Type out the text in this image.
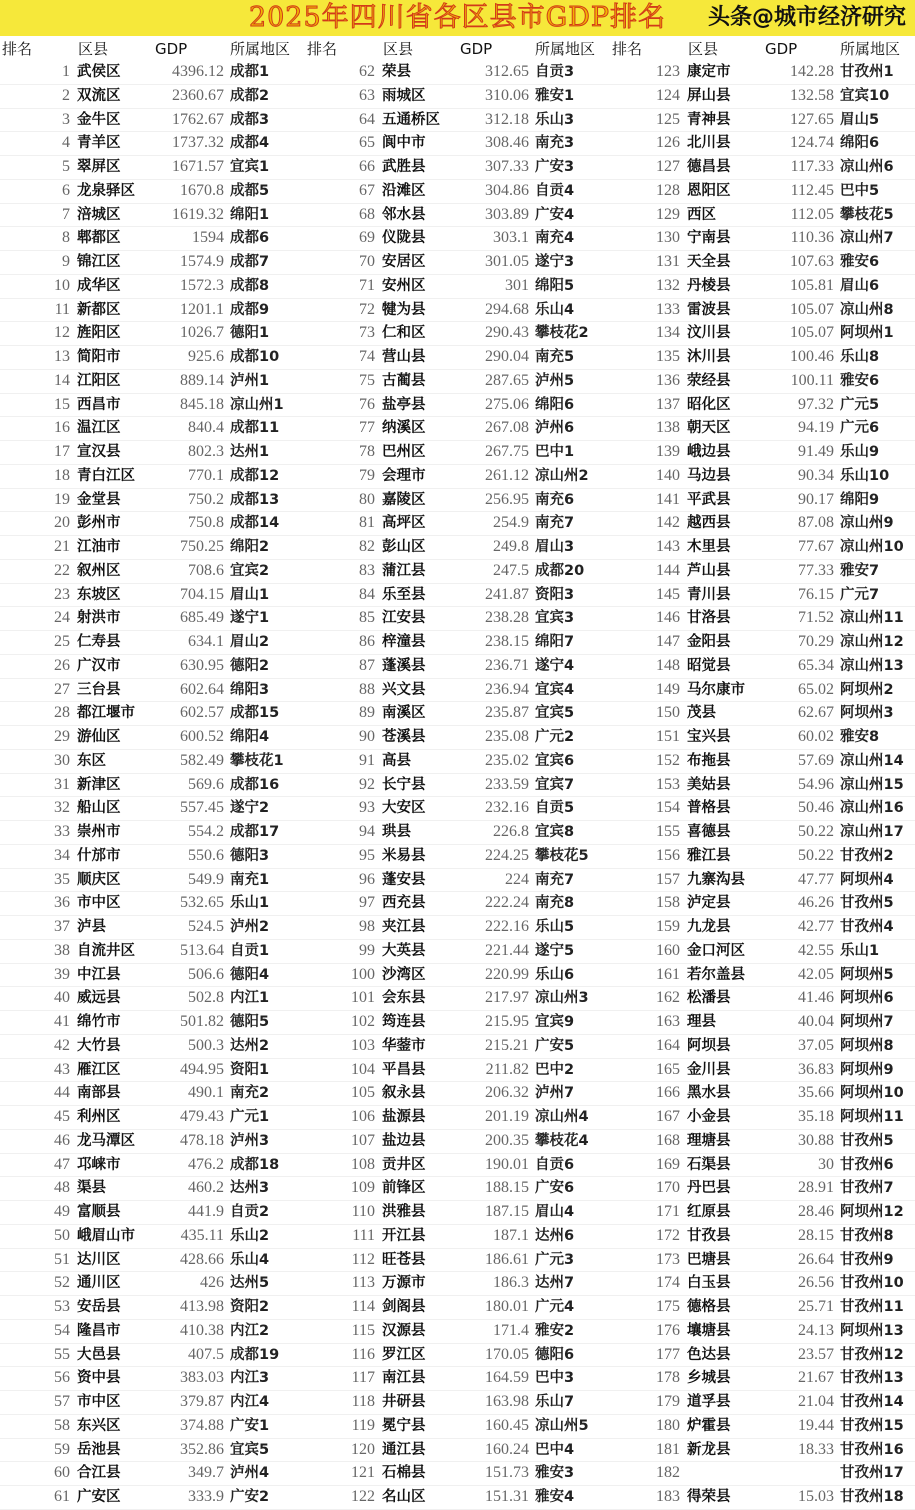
2025年四川省各区县市GDP排名	头条@城市经济研究
排名	区县	GDP	所属地区 排名	区县	GDP	所属地区 排名	区县	GDP	所属地区
1 武侯区	4396.12 成都1
2 双流区	2360.67 成都2
3 金牛区	1762.67 成都3
4 青羊区	1737.32 成都4
5 翠屏区	1671.57 宜宾1
6 龙泉驿区	1670.8 成都5
7 涪城区	1619.32 绵阳1
8 郫都区	1594 成都6
9 锦江区	1574.9 成都7
10 成华区	1572.3 成都8
11 新都区	1201.1 成都9
12 旌阳区	1026.7 德阳1
13 简阳市	925.6 成都10
14 江阳区	889.14 泸州1
15 西昌市	845.18 凉山州1
16 温江区	840.4 成都11
17 宣汉县	802.3 达州1
18 青白江区	770.1 成都12
19 金堂县	750.2 成都13
20 彭州市	750.8 成都14
21 江油市	750.25 绵阳2
22 叙州区	708.6 宜宾2
23 东坡区	704.15 眉山1
24 射洪市	685.49 遂宁1
25 仁寿县	634.1 眉山2
26 广汉市	630.95 德阳2
27 三台县	602.64 绵阳3
28 都江堰市	602.57 成都15
29 游仙区	600.52 绵阳4
30 东区	582.49 攀枝花1
31 新津区	569.6 成都16
32 船山区	557.45 遂宁2
33 崇州市	554.2 成都17
34 什邡市	550.6 德阳3
35 顺庆区	549.9 南充1
36 市中区	532.65 乐山1
37 泸县	524.5 泸州2
38 自流井区	513.64 自贡1
39 中江县	506.6 德阳4
40 威远县	502.8 内江1
41 绵竹市	501.82 德阳5
42 大竹县	500.3 达州2
43 雁江区	494.95 资阳1
44 南部县	490.1 南充2
45 利州区	479.43 广元1
46 龙马潭区	478.18 泸州3
47 邛崃市	476.2 成都18
48 渠县	460.2 达州3
49 富顺县	441.9 自贡2
50 峨眉山市	435.11 乐山2
51 达川区	428.66 乐山4
52 通川区	426 达州5
53 安岳县	413.98 资阳2
54 隆昌市	410.38 内江2
55 大邑县	407.5 成都19
56 资中县	383.03 内江3
57 市中区	379.87 内江4
58 东兴区	374.88 广安1
59 岳池县	352.86 宜宾5
60 合江县	349.7 泸州4
61 广安区	333.9 广安2
62 荣县	312.65 自贡3
63 雨城区	310.06 雅安1
64 五通桥区	312.18 乐山3
65 阆中市	308.46 南充3
66 武胜县	307.33 广安3
67 沿滩区	304.86 自贡4
68 邻水县	303.89 广安4
69 仪陇县	303.1 南充4
70 安居区	301.05 遂宁3
71 安州区	301 绵阳5
72 犍为县	294.68 乐山4
73 仁和区	290.43 攀枝花2
74 营山县	290.04 南充5
75 古蔺县	287.65 泸州5
76 盐亭县	275.06 绵阳6
77 纳溪区	267.08 泸州6
78 巴州区	267.75 巴中1
79 会理市	261.12 凉山州2
80 嘉陵区	256.95 南充6
81 高坪区	254.9 南充7
82 彭山区	249.8 眉山3
83 蒲江县	247.5 成都20
84 乐至县	241.87 资阳3
85 江安县	238.28 宜宾3
86 梓潼县	238.15 绵阳7
87 蓬溪县	236.71 遂宁4
88 兴文县	236.94 宜宾4
89 南溪区	235.87 宜宾5
90 苍溪县	235.08 广元2
91 高县	235.02 宜宾6
92 长宁县	233.59 宜宾7
93 大安区	232.16 自贡5
94 珙县	226.8 宜宾8
95 米易县	224.25 攀枝花5
96 蓬安县	224 南充7
97 西充县	222.24 南充8
98 夹江县	222.16 乐山5
99 大英县	221.44 遂宁5
100 沙湾区	220.99 乐山6
101 会东县	217.97 凉山州3
102 筠连县	215.95 宜宾9
103 华蓥市	215.21 广安5
104 平昌县	211.82 巴中2
105 叙永县	206.32 泸州7
106 盐源县	201.19 凉山州4
107 盐边县	200.35 攀枝花4
108 贡井区	190.01 自贡6
109 前锋区	188.15 广安6
110 洪雅县	187.15 眉山4
111 开江县	187.1 达州6
112 旺苍县	186.61 广元3
113 万源市	186.3 达州7
114 剑阁县	180.01 广元4
115 汉源县	171.4 雅安2
116 罗江区	170.05 德阳6
117 南江县	164.59 巴中3
118 井研县	163.98 乐山7
119 冕宁县	160.45 凉山州5
120 通江县	160.24 巴中4
121 石棉县	151.73 雅安3
122 名山区	151.31 雅安4
123 康定市	142.28 甘孜州1
124 屏山县	132.58 宜宾10
125 青神县	127.65 眉山5
126 北川县	124.74 绵阳6
127 德昌县	117.33 凉山州6
128 恩阳区	112.45 巴中5
129 西区	112.05 攀枝花5
130 宁南县	110.36 凉山州7
131 天全县	107.63 雅安6
132 丹棱县	105.81 眉山6
133 雷波县	105.07 凉山州8
134 汶川县	105.07 阿坝州1
135 沐川县	100.46 乐山8
136 荥经县	100.11 雅安6
137 昭化区	97.32 广元5
138 朝天区	94.19 广元6
139 峨边县	91.49 乐山9
140 马边县	90.34 乐山10
141 平武县	90.17 绵阳9
142 越西县	87.08 凉山州9
143 木里县	77.67 凉山州10
144 芦山县	77.33 雅安7
145 青川县	76.15 广元7
146 甘洛县	71.52 凉山州11
147 金阳县	70.29 凉山州12
148 昭觉县	65.34 凉山州13
149 马尔康市	65.02 阿坝州2
150 茂县	62.67 阿坝州3
151 宝兴县	60.02 雅安8
152 布拖县	57.69 凉山州14
153 美姑县	54.96 凉山州15
154 普格县	50.46 凉山州16
155 喜德县	50.22 凉山州17
156 雅江县	50.22 甘孜州2
157 九寨沟县	47.77 阿坝州4
158 泸定县	46.26 甘孜州5
159 九龙县	42.77 甘孜州4
160 金口河区	42.55 乐山1
161 若尔盖县	42.05 阿坝州5
162 松潘县	41.46 阿坝州6
163 理县	40.04 阿坝州7
164 阿坝县	37.05 阿坝州8
165 金川县	36.83 阿坝州9
166 黑水县	35.66 阿坝州10
167 小金县	35.18 阿坝州11
168 理塘县	30.88 甘孜州5
169 石渠县	30 甘孜州6
170 丹巴县	28.91 甘孜州7
171 红原县	28.46 阿坝州12
172 甘孜县	28.15 甘孜州8
173 巴塘县	26.64 甘孜州9
174 白玉县	26.56 甘孜州10
175 德格县	25.71 甘孜州11
176 壤塘县	24.13 阿坝州13
177 色达县	23.57 甘孜州12
178 乡城县	21.67 甘孜州13
179 道孚县	21.04 甘孜州14
180 炉霍县	19.44 甘孜州15
181 新龙县	18.33 甘孜州16
182	甘孜州17
183 得荣县	15.03 甘孜州18
